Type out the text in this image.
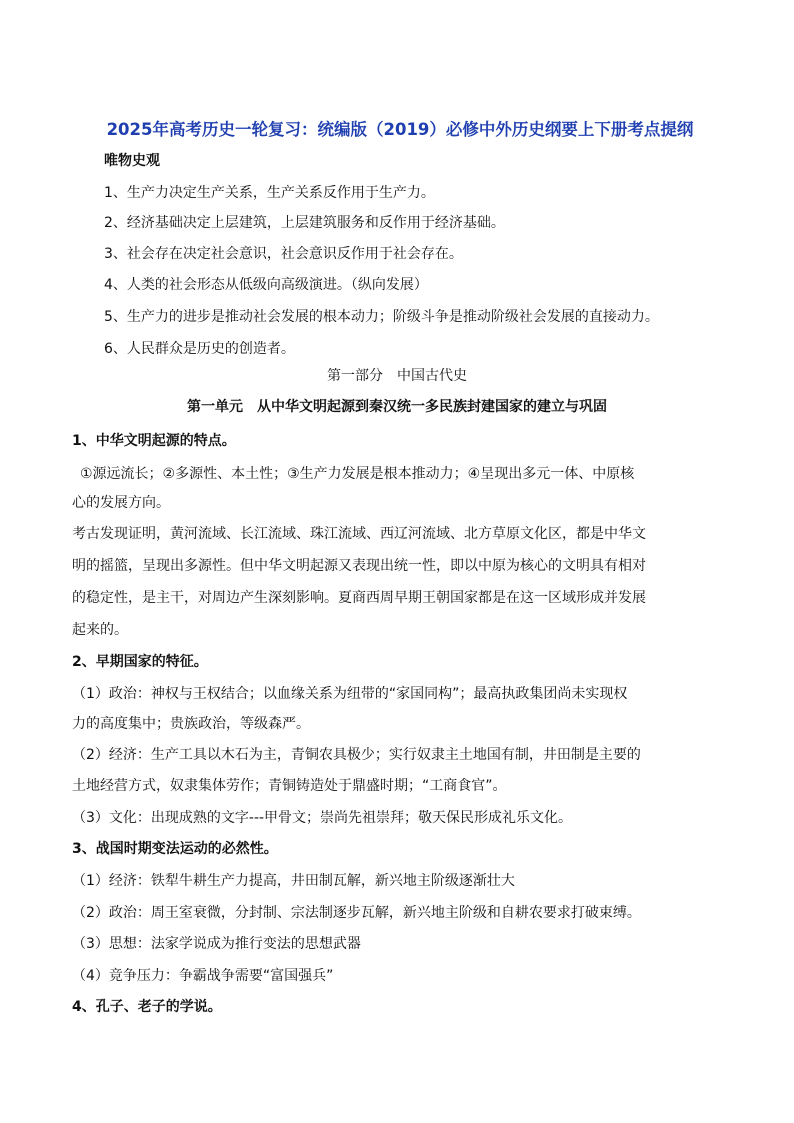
2025年高考历史一轮复习：统编版（2019）必修中外历史纲要上下册考点提纲
唯物史观
1、生产力决定生产关系，生产关系反作用于生产力。
2、经济基础决定上层建筑，上层建筑服务和反作用于经济基础。
3、社会存在决定社会意识，社会意识反作用于社会存在。
4、人类的社会形态从低级向高级演进。（纵向发展）
5、生产力的进步是推动社会发展的根本动力；阶级斗争是推动阶级社会发展的直接动力。
6、人民群众是历史的创造者。
第一部分　中国古代史
第一单元　从中华文明起源到秦汉统一多民族封建国家的建立与巩固
1、中华文明起源的特点。
①源远流长；②多源性、本土性；③生产力发展是根本推动力；④呈现出多元一体、中原核
心的发展方向。
考古发现证明，黄河流域、长江流域、珠江流域、西辽河流域、北方草原文化区，都是中华文
明的摇篮，呈现出多源性。但中华文明起源又表现出统一性，即以中原为核心的文明具有相对
的稳定性，是主干，对周边产生深刻影响。夏商西周早期王朝国家都是在这一区域形成并发展
起来的。
2、早期国家的特征。
（1）政治：神权与王权结合；以血缘关系为纽带的“家国同构”；最高执政集团尚未实现权
力的高度集中；贵族政治，等级森严。
（2）经济：生产工具以木石为主，青铜农具极少；实行奴隶主土地国有制，井田制是主要的
土地经营方式，奴隶集体劳作；青铜铸造处于鼎盛时期；“工商食官”。
（3）文化：出现成熟的文字---甲骨文；崇尚先祖崇拜；敬天保民形成礼乐文化。
3、战国时期变法运动的必然性。
（1）经济：铁犁牛耕生产力提高，井田制瓦解，新兴地主阶级逐渐壮大
（2）政治：周王室衰微，分封制、宗法制逐步瓦解，新兴地主阶级和自耕农要求打破束缚。
（3）思想：法家学说成为推行变法的思想武器
（4）竞争压力：争霸战争需要“富国强兵”
4、孔子、老子的学说。
